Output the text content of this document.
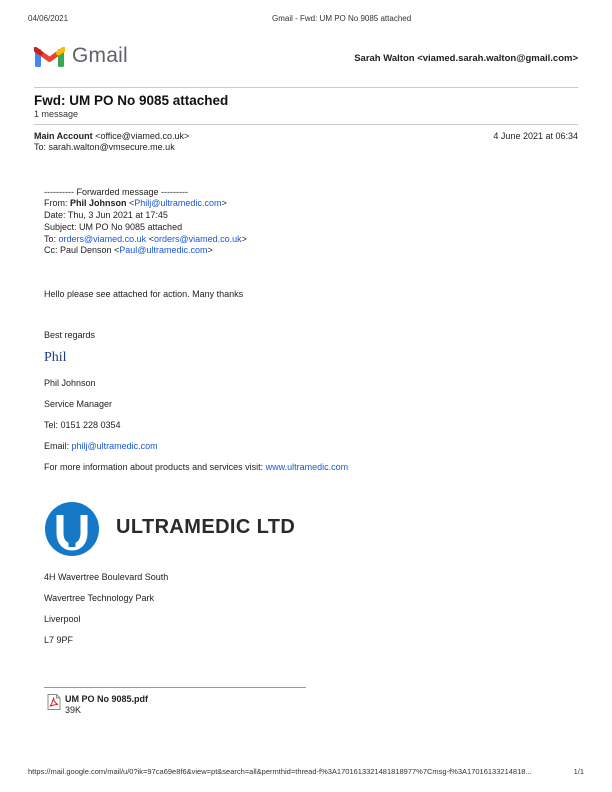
04/06/2021	Gmail - Fwd: UM PO No 9085 attached
Gmail	Sarah Walton <viamed.sarah.walton@gmail.com>
Fwd: UM PO No 9085 attached
1 message
Main Account <office@viamed.co.uk>	4 June 2021 at 06:34
To: sarah.walton@vmsecure.me.uk
---------- Forwarded message ---------
From: Phil Johnson <Philj@ultramedic.com>
Date: Thu, 3 Jun 2021 at 17:45
Subject: UM PO No 9085 attached
To: orders@viamed.co.uk <orders@viamed.co.uk>
Cc: Paul Denson <Paul@ultramedic.com>
Hello please see attached for action. Many thanks
Best regards
Phil
Phil Johnson
Service Manager
Tel: 0151 228 0354
Email: philj@ultramedic.com
For more information about products and services visit: www.ultramedic.com
ULTRAMEDIC LTD
4H Wavertree Boulevard South
Wavertree Technology Park
Liverpool
L7 9PF
UM PO No 9085.pdf
39K
https://mail.google.com/mail/u/0?ik=97ca69e8f6&view=pt&search=all&permthid=thread-f%3A1701613321481818977%7Cmsg-f%3A17016133214818...	1/1
